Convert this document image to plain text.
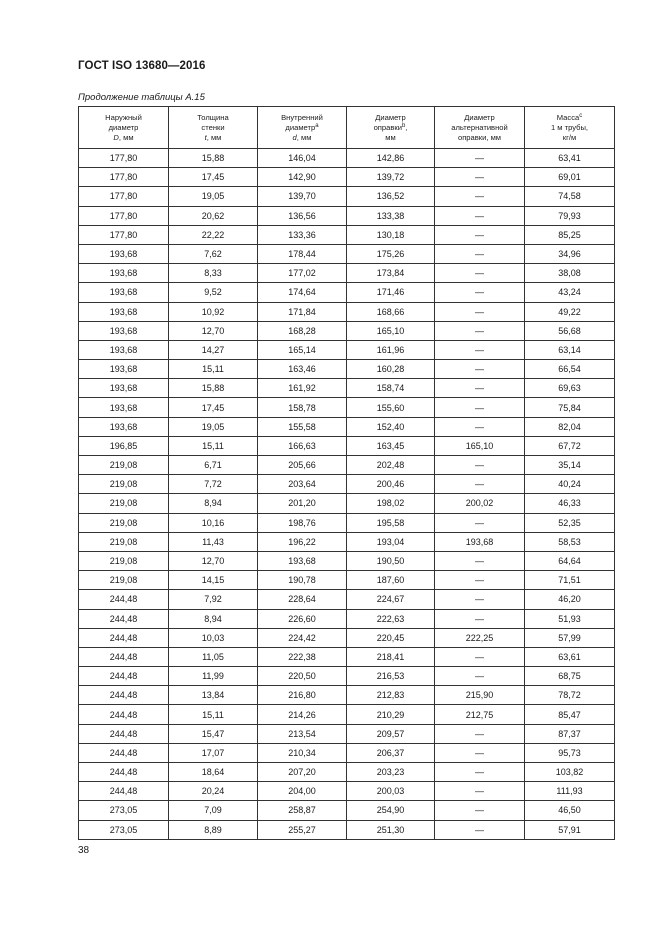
ГОСТ ISO 13680—2016
Продолжение таблицы А.15
Наружный
диаметр
D, мм	Толщина
стенки
t, мм	Внутренний
диаметр$^a$
d, мм	Диаметр
оправки$^b$,
мм	Диаметр
альтернативной
оправки, мм	Масса$^c$
1 м трубы,
кг/м
177,80	15,88	146,04	142,86	—	63,41
177,80	17,45	142,90	139,72	—	69,01
177,80	19,05	139,70	136,52	—	74,58
177,80	20,62	136,56	133,38	—	79,93
177,80	22,22	133,36	130,18	—	85,25
193,68	7,62	178,44	175,26	—	34,96
193,68	8,33	177,02	173,84	—	38,08
193,68	9,52	174,64	171,46	—	43,24
193,68	10,92	171,84	168,66	—	49,22
193,68	12,70	168,28	165,10	—	56,68
193,68	14,27	165,14	161,96	—	63,14
193,68	15,11	163,46	160,28	—	66,54
193,68	15,88	161,92	158,74	—	69,63
193,68	17,45	158,78	155,60	—	75,84
193,68	19,05	155,58	152,40	—	82,04
196,85	15,11	166,63	163,45	165,10	67,72
219,08	6,71	205,66	202,48	—	35,14
219,08	7,72	203,64	200,46	—	40,24
219,08	8,94	201,20	198,02	200,02	46,33
219,08	10,16	198,76	195,58	—	52,35
219,08	11,43	196,22	193,04	193,68	58,53
219,08	12,70	193,68	190,50	—	64,64
219,08	14,15	190,78	187,60	—	71,51
244,48	7,92	228,64	224,67	—	46,20
244,48	8,94	226,60	222,63	—	51,93
244,48	10,03	224,42	220,45	222,25	57,99
244,48	11,05	222,38	218,41	—	63,61
244,48	11,99	220,50	216,53	—	68,75
244,48	13,84	216,80	212,83	215,90	78,72
244,48	15,11	214,26	210,29	212,75	85,47
244,48	15,47	213,54	209,57	—	87,37
244,48	17,07	210,34	206,37	—	95,73
244,48	18,64	207,20	203,23	—	103,82
244,48	20,24	204,00	200,03	—	111,93
273,05	7,09	258,87	254,90	—	46,50
273,05	8,89	255,27	251,30	—	57,91
38
